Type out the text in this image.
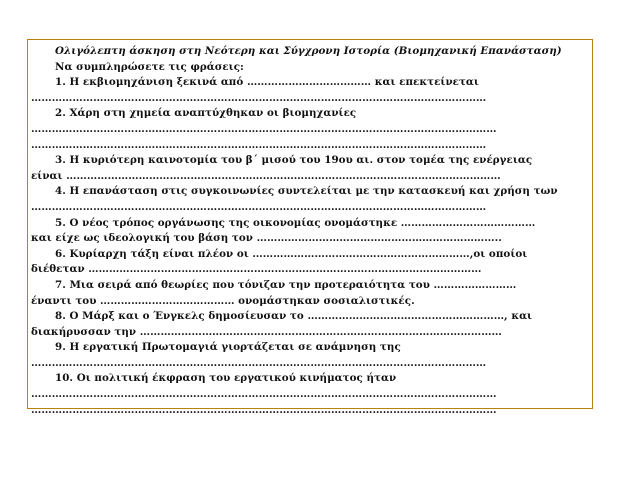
Ολιγόλεπτη άσκηση στη Νεότερη και Σύγχρονη Ιστορία (Βιομηχανική Επανάσταση)
Να συμπληρώσετε τις φράσεις:
1. Η εκβιομηχάνιση ξεκινά από ……………………………… και επεκτείνεται
……………………………………………………………………………………………………………………
2. Χάρη στη χημεία αναπτύχθηκαν οι βιομηχανίες
………………………………………………………………………………………………………………………
……………………………………………………………………………………………………………………
3. Η κυριότερη καινοτομία του β΄ μισού του 19ου αι. στον τομέα της ενέργειας
είναι ………………………………………………………………………………………………………………
4. Η επανάσταση στις συγκοινωνίες συντελείται με την κατασκευή και χρήση των
……………………………………………………………………………………………………………………
5. Ο νέος τρόπος οργάνωσης της οικονομίας ονομάστηκε …………………………………
και είχε ως ιδεολογική του βάση τον ……………………………………………………………..
6. Κυρίαρχη τάξη είναι πλέον οι ………………………………………………………,οι οποίοι
διέθεταν ……………………………………………………………………………………………………
7. Μια σειρά από θεωρίες που τόνιζαν την προτεραιότητα του ……………………
έναντι του ………………………………… ονομάστηκαν σοσιαλιστικές.
8. Ο Μάρξ και ο Ένγκελς δημοσίευσαν το …………………………………………………, και
διακήρυσσαν την ……………………………………………………………………………………………
9. Η εργατική Πρωτομαγιά γιορτάζεται σε ανάμνηση της
……………………………………………………………………………………………………………………
10. Οι πολιτική έκφραση του εργατικού κινήματος ήταν
………………………………………………………………………………………………………………………
………………………………………………………………………………………………………………………
